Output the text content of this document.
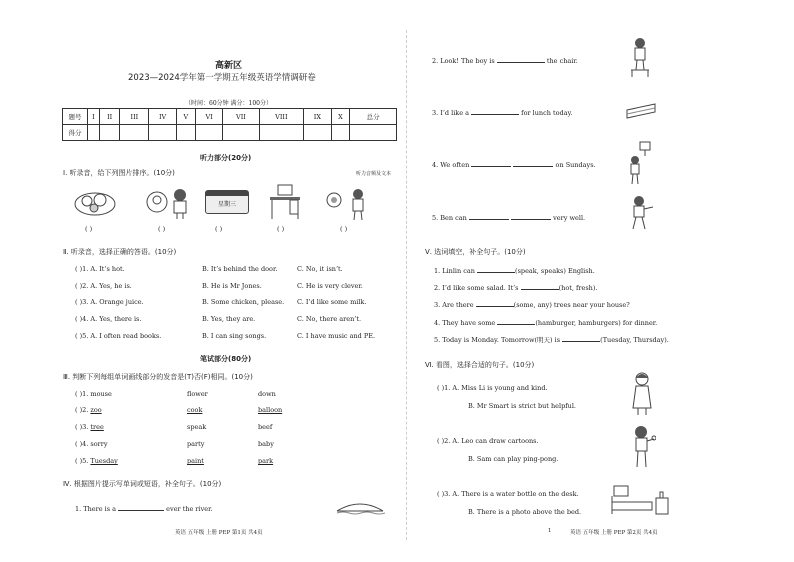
高新区
2023—2024学年第一学期五年级英语学情调研卷
（时间：60分钟 满分：100分）
题号	I	II	III	IV	V	VI	VII	VIII	IX	X	总分
得分											
听力部分(20分)
Ⅰ. 听录音，给下列图片排序。(10分)	听力音频及文本
星期三
( )	( )	( )	( )	( )
Ⅱ. 听录音，选择正确的答语。(10分)
( )1. A. It’s hot.	B. It’s behind the door.	C. No, it isn’t.
( )2. A. Yes, he is.	B. He is Mr Jones.	C. He is very clever.
( )3. A. Orange juice.	B. Some chicken, please. C. I’d like some milk.
( )4. A. Yes, there is.	B. Yes, they are.	C. No, there aren’t.
( )5. A. I often read books.	B. I can sing songs.	C. I have music and PE.
笔试部分(80分)
Ⅲ. 判断下列每组单词画线部分的发音是(T)否(F)相同。(10分)
( )1. mouse	flower	down
( )2. zoo	cook	balloon
( )3. tree	speak	beef
( )4. sorry	party	baby
( )5. Tuesday	paint	park
Ⅳ. 根据图片提示写单词或短语，补全句子。(10分)
1. There is a	ever the river.
英语 五年级 上册 PEP 第1页 共4页
2. Look! The boy is	the chair.
3. I’d like a	for lunch today.
4. We often	on Sundays.
5. Ben can	very well.
Ⅴ. 选词填空，补全句子。(10分)
1. Linlin can	(speak, speaks) English.
2. I’d like some salad. It’s	(hot, fresh).
3. Are there	(some, any) trees near your house?
4. They have some	(hamburger, hamburgers) for dinner.
5. Today is Monday. Tomorrow(明天) is	(Tuesday, Thursday).
Ⅵ. 看图，选择合适的句子。(10分)
( )1. A. Miss Li is young and kind.
B. Mr Smart is strict but helpful.
( )2. A. Leo can draw cartoons.
B. Sam can play ping-pong.
( )3. A. There is a water bottle on the desk.
B. There is a photo above the bed.
1	英语 五年级 上册 PEP 第2页 共4页
